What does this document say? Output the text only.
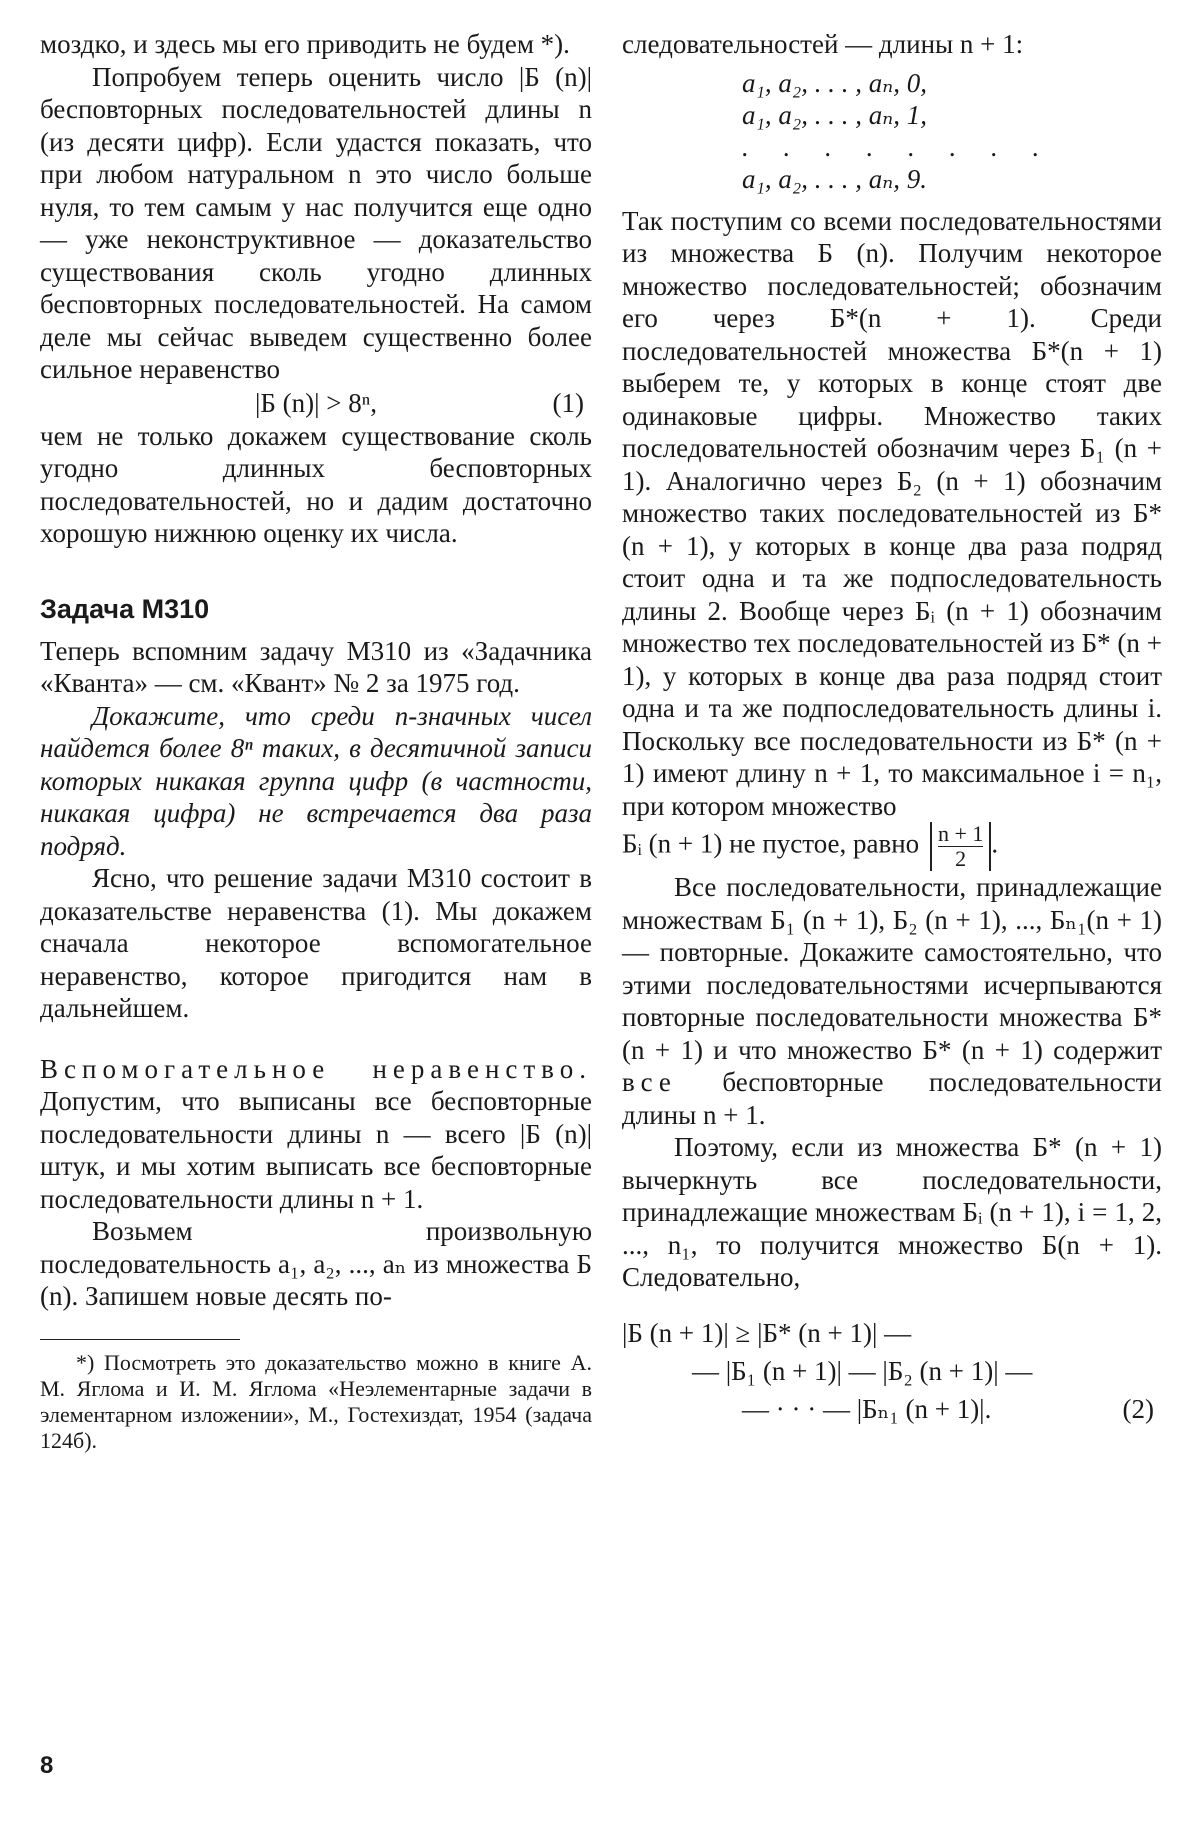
моздко, и здесь мы его приводить не будем *).

Попробуем теперь оценить число |Б (n)| бесповторных последовательностей длины n (из десяти цифр). Если удастся показать, что при любом натуральном n это число больше нуля, то тем самым у нас получится еще одно — уже неконструктивное — доказательство существования сколь угодно длинных бесповторных последовательностей. На самом деле мы сейчас выведем существенно более сильное неравенство

|Б (n)| > 8ⁿ,	(1)

чем не только докажем существование сколь угодно длинных бесповторных последовательностей, но и дадим достаточно хорошую нижнюю оценку их числа.

Задача М310

Теперь вспомним задачу М310 из «Задачника «Кванта» — см. «Квант» № 2 за 1975 год.

Докажите, что среди n-значных чисел найдется более 8ⁿ таких, в десятичной записи которых никакая группа цифр (в частности, никакая цифра) не встречается два раза подряд.

Ясно, что решение задачи М310 состоит в доказательстве неравенства (1). Мы докажем сначала некоторое вспомогательное неравенство, которое пригодится нам в дальнейшем.

Вспомогательное неравенство. Допустим, что выписаны все бесповторные последовательности длины n — всего |Б (n)| штук, и мы хотим выписать все бесповторные последовательности длины n + 1.

Возьмем произвольную последовательность a₁, a₂, ..., aₙ из множества Б (n). Запишем новые десять по-

*) Посмотреть это доказательство можно в книге А. М. Яглома и И. М. Яглома «Неэлементарные задачи в элементарном изложении», М., Гостехиздат, 1954 (задача 124б).

следовательностей — длины n + 1:

a₁, a₂, . . . , aₙ, 0,
a₁, a₂, . . . , aₙ, 1,
. . . . . . . .
a₁, a₂, . . . , aₙ, 9.

Так поступим со всеми последовательностями из множества Б (n). Получим некоторое множество последовательностей; обозначим его через Б*(n + 1). Среди последовательностей множества Б*(n + 1) выберем те, у которых в конце стоят две одинаковые цифры. Множество таких последовательностей обозначим через Б₁ (n + 1). Аналогично через Б₂ (n + 1) обозначим множество таких последовательностей из Б* (n + 1), у которых в конце два раза подряд стоит одна и та же подпоследовательность длины 2. Вообще через Бᵢ (n + 1) обозначим множество тех последовательностей из Б* (n + 1), у которых в конце два раза подряд стоит одна и та же подпоследовательность длины i. Поскольку все последовательности из Б* (n + 1) имеют длину n + 1, то максимальное i = n₁, при котором множество

Бᵢ (n + 1) не пустое, равно $\frac{n + 1}{2}$ .

Все последовательности, принадлежащие множествам Б₁ (n + 1), Б₂ (n + 1), ..., Бₙ₁(n + 1) — повторные. Докажите самостоятельно, что этими последовательностями исчерпываются повторные последовательности множества Б* (n + 1) и что множество Б* (n + 1) содержит все бесповторные последовательности длины n + 1.

Поэтому, если из множества Б* (n + 1) вычеркнуть все последовательности, принадлежащие множествам Бᵢ (n + 1), i = 1, 2, ..., n₁, то получится множество Б(n + 1). Следовательно,

|Б (n + 1)| ≥ |Б* (n + 1)| —
— |Б₁ (n + 1)| — |Б₂ (n + 1)| —
— · · · — |Бₙ₁ (n + 1)|.	(2)
8
